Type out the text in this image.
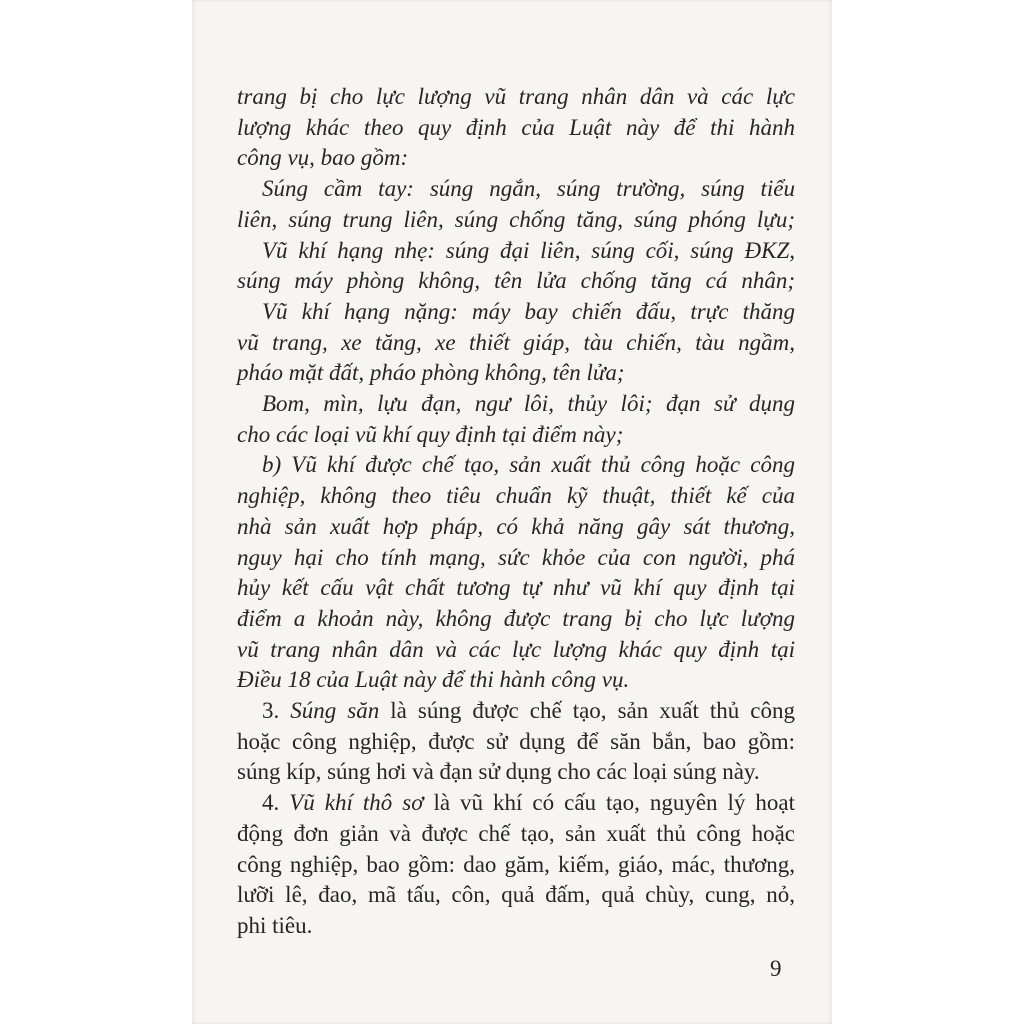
9
trang bị cho lực lượng vũ trang nhân dân và các lực
lượng khác theo quy định của Luật này để thi hành
công vụ, bao gồm:
Súng cầm tay: súng ngắn, súng trường, súng tiểu
liên, súng trung liên, súng chống tăng, súng phóng lựu;
Vũ khí hạng nhẹ: súng đại liên, súng cối, súng ĐKZ,
súng máy phòng không, tên lửa chống tăng cá nhân;
Vũ khí hạng nặng: máy bay chiến đấu, trực thăng
vũ trang, xe tăng, xe thiết giáp, tàu chiến, tàu ngầm,
pháo mặt đất, pháo phòng không, tên lửa;
Bom, mìn, lựu đạn, ngư lôi, thủy lôi; đạn sử dụng
cho các loại vũ khí quy định tại điểm này;
b) Vũ khí được chế tạo, sản xuất thủ công hoặc công
nghiệp, không theo tiêu chuẩn kỹ thuật, thiết kế của
nhà sản xuất hợp pháp, có khả năng gây sát thương,
nguy hại cho tính mạng, sức khỏe của con người, phá
hủy kết cấu vật chất tương tự như vũ khí quy định tại
điểm a khoản này, không được trang bị cho lực lượng
vũ trang nhân dân và các lực lượng khác quy định tại
Điều 18 của Luật này để thi hành công vụ.
3. Súng săn là súng được chế tạo, sản xuất thủ công
hoặc công nghiệp, được sử dụng để săn bắn, bao gồm:
súng kíp, súng hơi và đạn sử dụng cho các loại súng này.
4. Vũ khí thô sơ là vũ khí có cấu tạo, nguyên lý hoạt
động đơn giản và được chế tạo, sản xuất thủ công hoặc
công nghiệp, bao gồm: dao găm, kiếm, giáo, mác, thương,
lưỡi lê, đao, mã tấu, côn, quả đấm, quả chùy, cung, nỏ,
phi tiêu.
